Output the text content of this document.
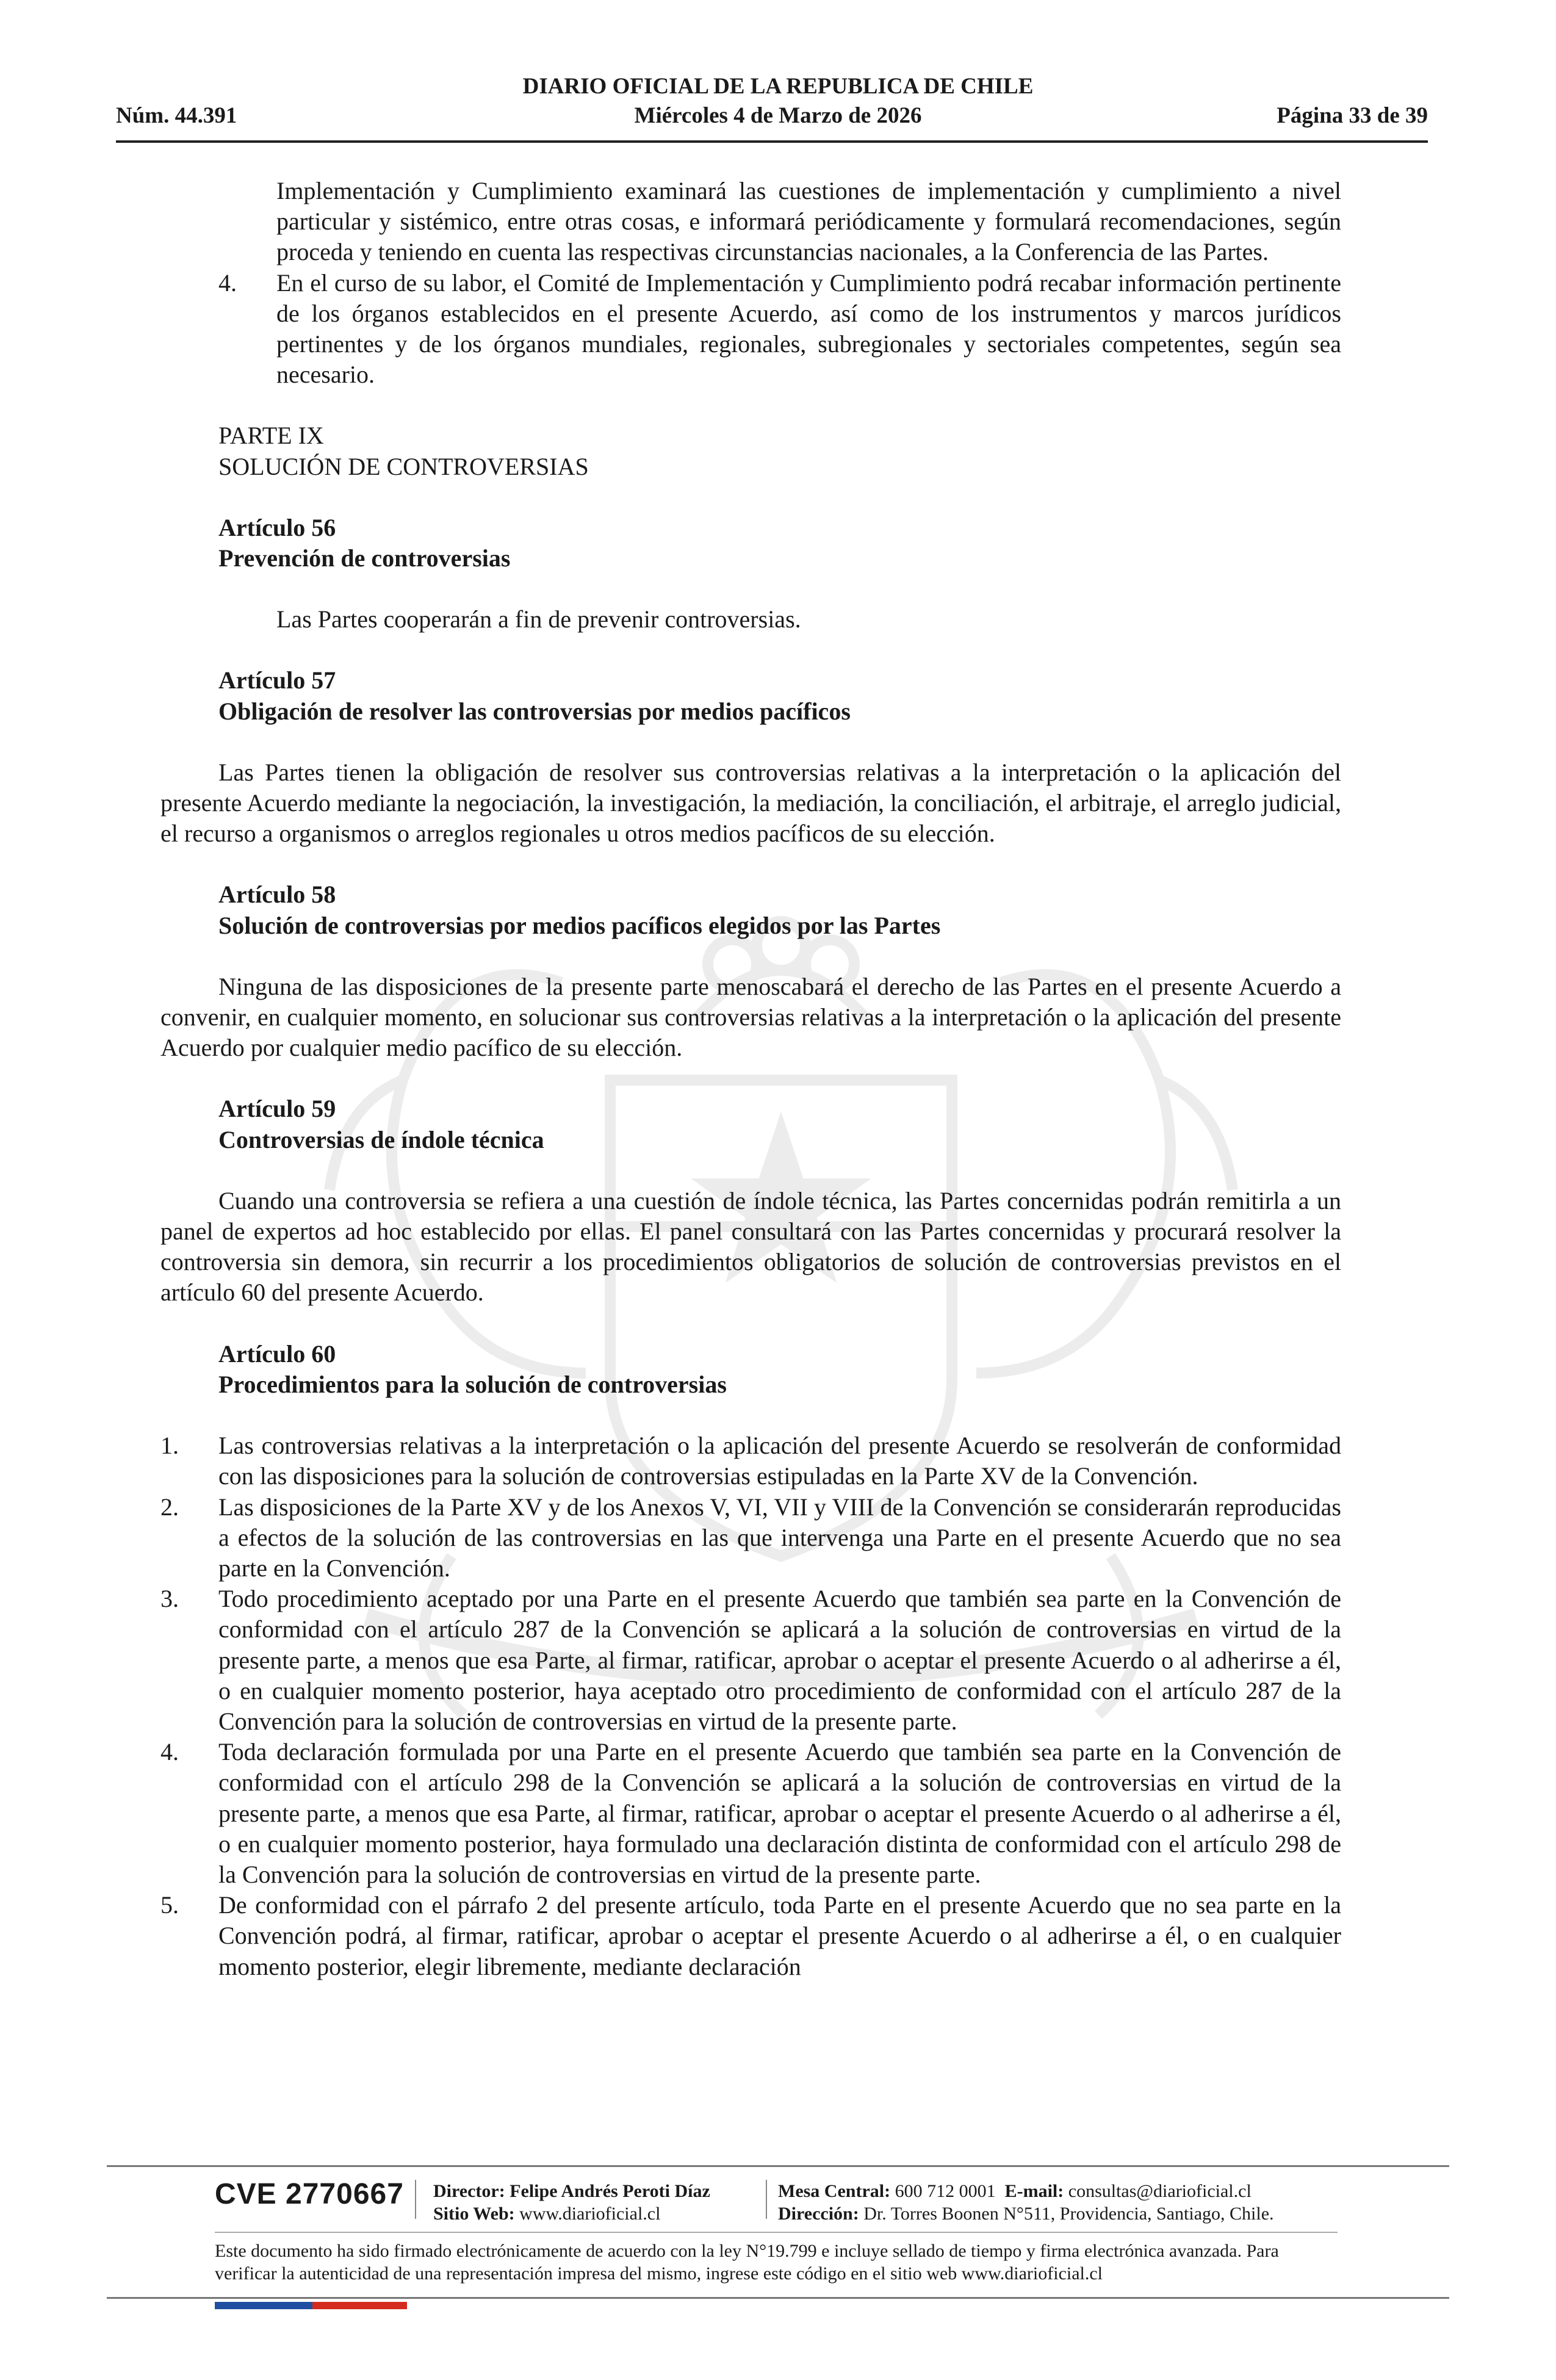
Núm. 44.391
DIARIO OFICIAL DE LA REPUBLICA DE CHILE
Miércoles 4 de Marzo de 2026	Página 33 de 39

Implementación y Cumplimiento examinará las cuestiones de implementación y cumplimiento a nivel particular y sistémico, entre otras cosas, e informará periódicamente y formulará recomendaciones, según proceda y teniendo en cuenta las respectivas circunstancias nacionales, a la Conferencia de las Partes.

4. En el curso de su labor, el Comité de Implementación y Cumplimiento podrá recabar información pertinente de los órganos establecidos en el presente Acuerdo, así como de los instrumentos y marcos jurídicos pertinentes y de los órganos mundiales, regionales, subregionales y sectoriales competentes, según sea necesario.

PARTE IX

SOLUCIÓN DE CONTROVERSIAS

Artículo 56

Prevención de controversias

Las Partes cooperarán a fin de prevenir controversias.

Artículo 57

Obligación de resolver las controversias por medios pacíficos

Las Partes tienen la obligación de resolver sus controversias relativas a la interpretación o la aplicación del presente Acuerdo mediante la negociación, la investigación, la mediación, la conciliación, el arbitraje, el arreglo judicial, el recurso a organismos o arreglos regionales u otros medios pacíficos de su elección.

Artículo 58

Solución de controversias por medios pacíficos elegidos por las Partes

Ninguna de las disposiciones de la presente parte menoscabará el derecho de las Partes en el presente Acuerdo a convenir, en cualquier momento, en solucionar sus controversias relativas a la interpretación o la aplicación del presente Acuerdo por cualquier medio pacífico de su elección.

Artículo 59

Controversias de índole técnica

Cuando una controversia se refiera a una cuestión de índole técnica, las Partes concernidas podrán remitirla a un panel de expertos ad hoc establecido por ellas. El panel consultará con las Partes concernidas y procurará resolver la controversia sin demora, sin recurrir a los procedimientos obligatorios de solución de controversias previstos en el artículo 60 del presente Acuerdo.

Artículo 60

Procedimientos para la solución de controversias

1. Las controversias relativas a la interpretación o la aplicación del presente Acuerdo se resolverán de conformidad con las disposiciones para la solución de controversias estipuladas en la Parte XV de la Convención.

2. Las disposiciones de la Parte XV y de los Anexos V, VI, VII y VIII de la Convención se considerarán reproducidas a efectos de la solución de las controversias en las que intervenga una Parte en el presente Acuerdo que no sea parte en la Convención.

3. Todo procedimiento aceptado por una Parte en el presente Acuerdo que también sea parte en la Convención de conformidad con el artículo 287 de la Convención se aplicará a la solución de controversias en virtud de la presente parte, a menos que esa Parte, al firmar, ratificar, aprobar o aceptar el presente Acuerdo o al adherirse a él, o en cualquier momento posterior, haya aceptado otro procedimiento de conformidad con el artículo 287 de la Convención para la solución de controversias en virtud de la presente parte.

4. Toda declaración formulada por una Parte en el presente Acuerdo que también sea parte en la Convención de conformidad con el artículo 298 de la Convención se aplicará a la solución de controversias en virtud de la presente parte, a menos que esa Parte, al firmar, ratificar, aprobar o aceptar el presente Acuerdo o al adherirse a él, o en cualquier momento posterior, haya formulado una declaración distinta de conformidad con el artículo 298 de la Convención para la solución de controversias en virtud de la presente parte.

5. De conformidad con el párrafo 2 del presente artículo, toda Parte en el presente Acuerdo que no sea parte en la Convención podrá, al firmar, ratificar, aprobar o aceptar el presente Acuerdo o al adherirse a él, o en cualquier momento posterior, elegir libremente, mediante declaración

CVE 2770667 Director: Felipe Andrés Peroti Díaz
Sitio Web: www.diarioficial.cl
Mesa Central: 600 712 0001 E-mail: consultas@diarioficial.cl
Dirección: Dr. Torres Boonen N°511, Providencia, Santiago, Chile.
Este documento ha sido firmado electrónicamente de acuerdo con la ley N°19.799 e incluye sellado de tiempo y firma electrónica avanzada. Para verificar la autenticidad de una representación impresa del mismo, ingrese este código en el sitio web www.diarioficial.cl
